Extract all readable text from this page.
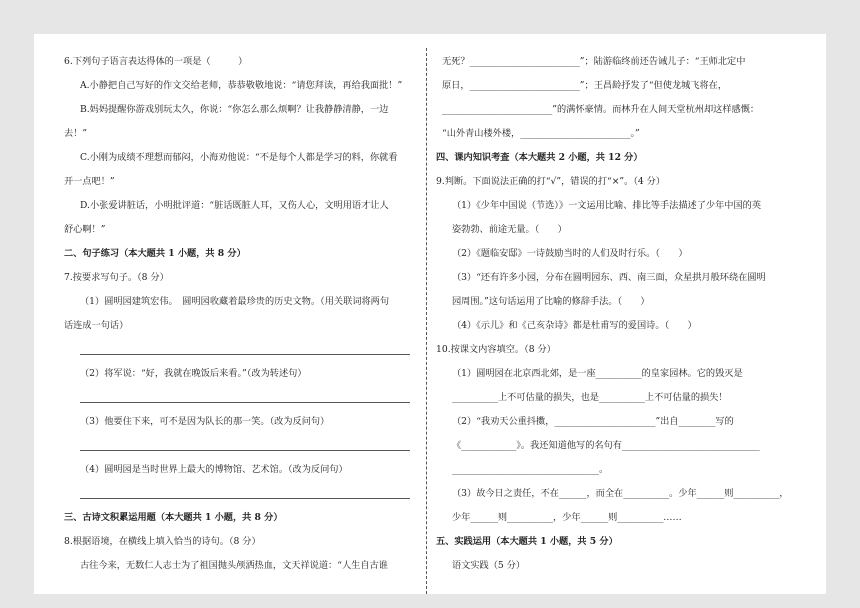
6.下列句子语言表达得体的一项是（　　　）
A.小静把自己写好的作文交给老师，恭恭敬敬地说：“请您拜读，再给我面批！”
B.妈妈提醒你游戏别玩太久，你说：“你怎么那么烦啊？让我静静清静，一边
去！”
C.小刚为成绩不理想而郁闷，小海劝他说：“不是每个人都是学习的料，你就看
开一点吧！”
D.小张爱讲脏话，小明批评道：“脏话既脏人耳，又伤人心，文明用语才让人
舒心啊！”
二、句子练习（本大题共 1 小题，共 8 分）
7.按要求写句子。（8 分）
（1）圆明园建筑宏伟。　圆明园收藏着最珍贵的历史文物。（用关联词将两句
话连成一句话）
（2）将军说：“好，我就在晚饭后来看。”（改为转述句）
（3）他要住下来，可不是因为队长的那一笑。（改为反问句）
（4）圆明园是当时世界上最大的博物馆、艺术馆。（改为反问句）
三、古诗文积累运用题（本大题共 1 小题，共 8 分）
8.根据语境，在横线上填入恰当的诗句。（8 分）
古往今来，无数仁人志士为了祖国抛头颅洒热血，文天祥说道：“人生自古谁
无死？________________________”；陆游临终前还告诫儿子：“王师北定中
原日，________________________”；王昌龄抒发了“但使龙城飞将在，
________________________”的满怀豪情。而林升在人间天堂杭州却这样感慨：
“山外青山楼外楼，________________________。”
四、课内知识考查（本大题共 2 小题，共 12 分）
9.判断。下面说法正确的打“√”，错误的打“×”。（4 分）
（1）《少年中国说（节选）》一文运用比喻、排比等手法描述了少年中国的英
姿勃勃、前途无量。（　　）
（2）《题临安邸》一诗鼓励当时的人们及时行乐。（　　）
（3）“还有许多小园，分布在圆明园东、西、南三面，众星拱月般环绕在圆明
园周围。”这句话运用了比喻的修辞手法。（　　）
（4）《示儿》和《己亥杂诗》都是杜甫写的爱国诗。（　　）
10.按课文内容填空。（8 分）
（1）圆明园在北京西北郊，是一座__________的皇家园林。它的毁灭是
__________上不可估量的损失，也是__________上不可估量的损失！
（2）“我劝天公重抖擞，______________________”出自________写的
《____________》。我还知道他写的名句有______________________________
________________________________。
（3）故今日之责任，不在______，而全在__________。少年______则__________，
少年______则__________，少年______则__________……
五、实践运用（本大题共 1 小题，共 5 分）
语文实践（5 分）
